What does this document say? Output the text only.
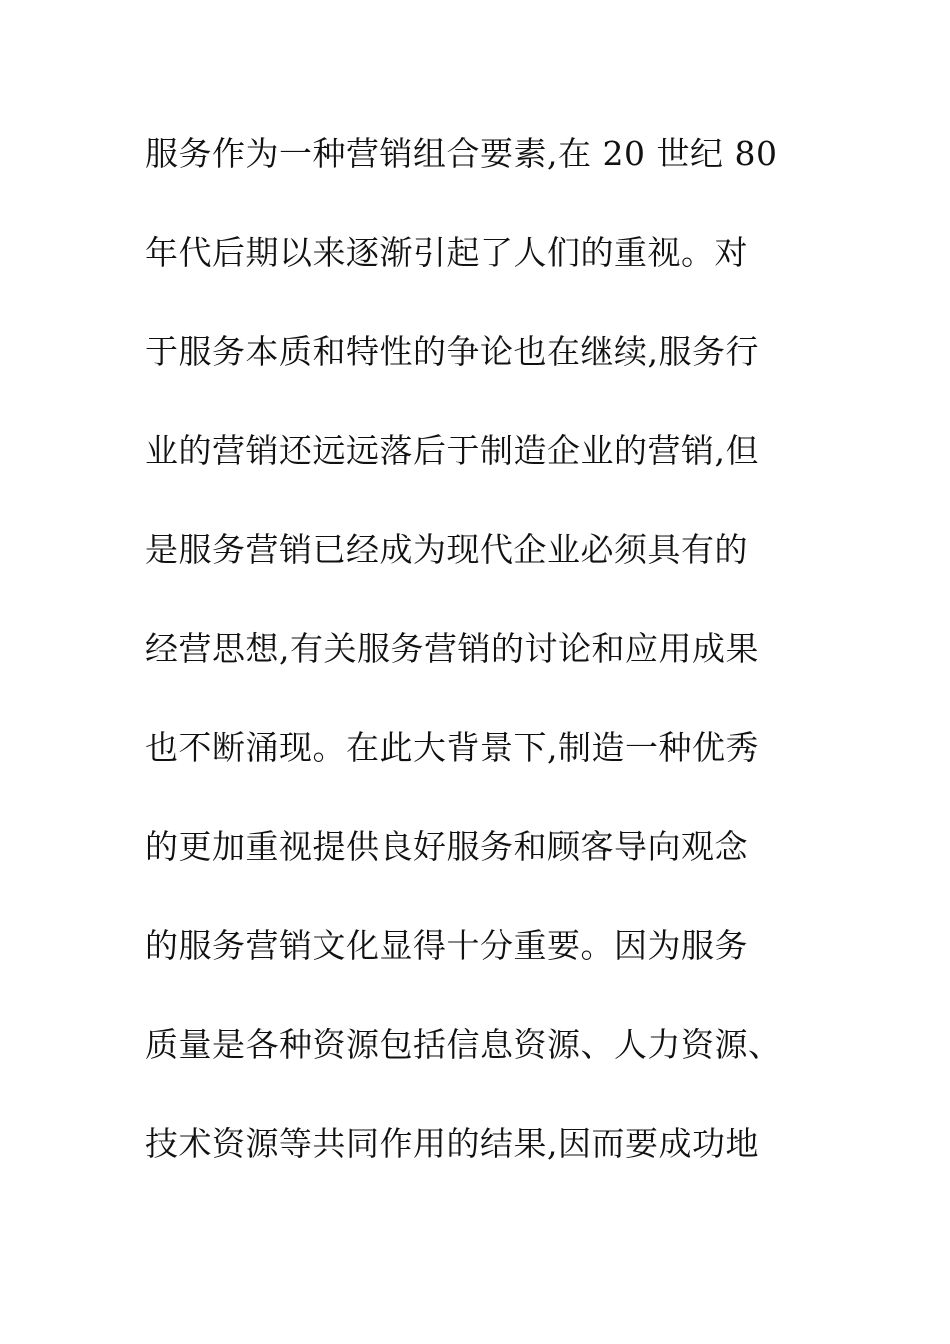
服务作为一种营销组合要素,在 20 世纪 80
年代后期以来逐渐引起了人们的重视。对
于服务本质和特性的争论也在继续,服务行
业的营销还远远落后于制造企业的营销,但
是服务营销已经成为现代企业必须具有的
经营思想,有关服务营销的讨论和应用成果
也不断涌现。在此大背景下,制造一种优秀
的更加重视提供良好服务和顾客导向观念
的服务营销文化显得十分重要。因为服务
质量是各种资源包括信息资源、人力资源、
技术资源等共同作用的结果,因而要成功地
